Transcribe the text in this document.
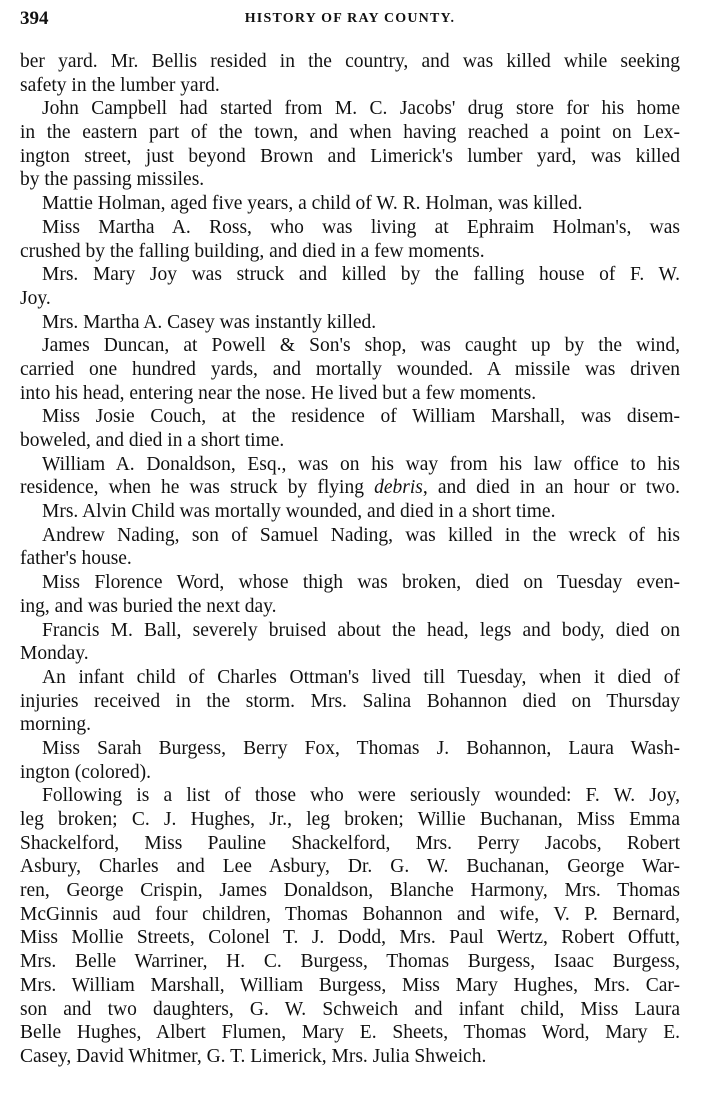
394	HISTORY OF RAY COUNTY.
ber yard. Mr. Bellis resided in the country, and was killed while seeking
safety in the lumber yard.
John Campbell had started from M. C. Jacobs' drug store for his home
in the eastern part of the town, and when having reached a point on Lex-
ington street, just beyond Brown and Limerick's lumber yard, was killed
by the passing missiles.
Mattie Holman, aged five years, a child of W. R. Holman, was killed.
Miss Martha A. Ross, who was living at Ephraim Holman's, was
crushed by the falling building, and died in a few moments.
Mrs. Mary Joy was struck and killed by the falling house of F. W.
Joy.
Mrs. Martha A. Casey was instantly killed.
James Duncan, at Powell & Son's shop, was caught up by the wind,
carried one hundred yards, and mortally wounded. A missile was driven
into his head, entering near the nose. He lived but a few moments.
Miss Josie Couch, at the residence of William Marshall, was disem-
boweled, and died in a short time.
William A. Donaldson, Esq., was on his way from his law office to his
residence, when he was struck by flying debris, and died in an hour or two.
Mrs. Alvin Child was mortally wounded, and died in a short time.
Andrew Nading, son of Samuel Nading, was killed in the wreck of his
father's house.
Miss Florence Word, whose thigh was broken, died on Tuesday even-
ing, and was buried the next day.
Francis M. Ball, severely bruised about the head, legs and body, died on
Monday.
An infant child of Charles Ottman's lived till Tuesday, when it died of
injuries received in the storm. Mrs. Salina Bohannon died on Thursday
morning.
Miss Sarah Burgess, Berry Fox, Thomas J. Bohannon, Laura Wash-
ington (colored).
Following is a list of those who were seriously wounded: F. W. Joy,
leg broken; C. J. Hughes, Jr., leg broken; Willie Buchanan, Miss Emma
Shackelford, Miss Pauline Shackelford, Mrs. Perry Jacobs, Robert
Asbury, Charles and Lee Asbury, Dr. G. W. Buchanan, George War-
ren, George Crispin, James Donaldson, Blanche Harmony, Mrs. Thomas
McGinnis aud four children, Thomas Bohannon and wife, V. P. Bernard,
Miss Mollie Streets, Colonel T. J. Dodd, Mrs. Paul Wertz, Robert Offutt,
Mrs. Belle Warriner, H. C. Burgess, Thomas Burgess, Isaac Burgess,
Mrs. William Marshall, William Burgess, Miss Mary Hughes, Mrs. Car-
son and two daughters, G. W. Schweich and infant child, Miss Laura
Belle Hughes, Albert Flumen, Mary E. Sheets, Thomas Word, Mary E.
Casey, David Whitmer, G. T. Limerick, Mrs. Julia Shweich.
